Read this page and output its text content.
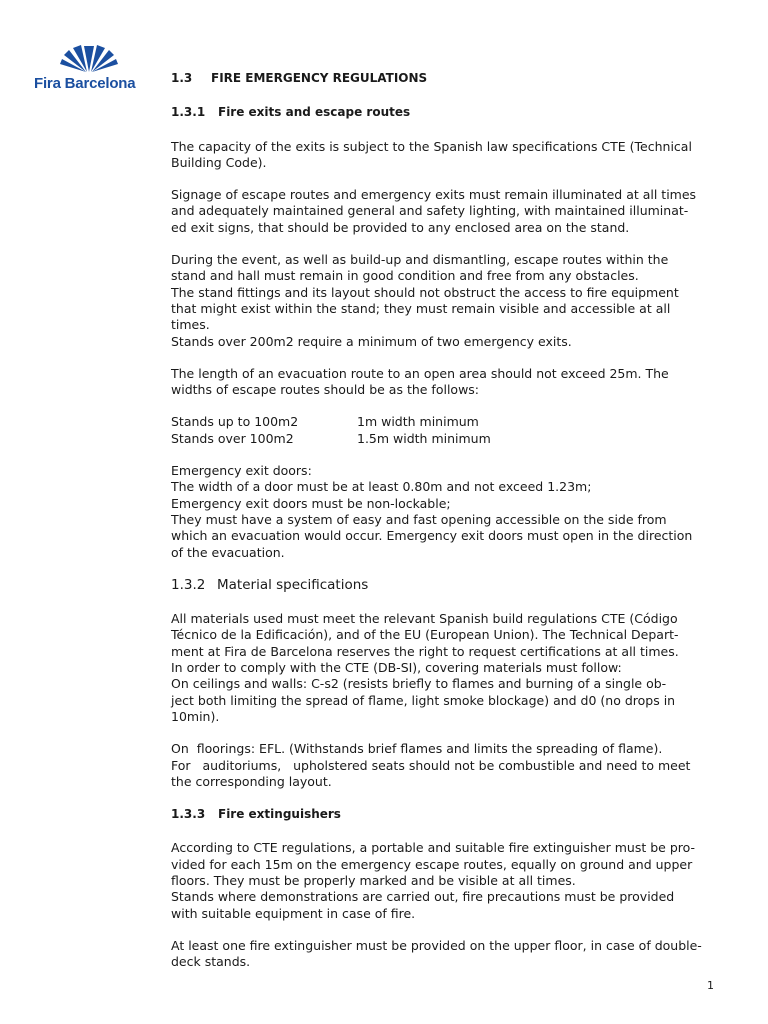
Fira Barcelona	1.3 FIRE EMERGENCY REGULATIONS
1.3.1 Fire exits and escape routes

The capacity of the exits is subject to the Spanish law specifications CTE (Technical
Building Code).

Signage of escape routes and emergency exits must remain illuminated at all times
and adequately maintained general and safety lighting, with maintained illuminat-
ed exit signs, that should be provided to any enclosed area on the stand.

During the event, as well as build-up and dismantling, escape routes within the
stand and hall must remain in good condition and free from any obstacles.
The stand fittings and its layout should not obstruct the access to fire equipment
that might exist within the stand; they must remain visible and accessible at all
times.
Stands over 200m2 require a minimum of two emergency exits.

The length of an evacuation route to an open area should not exceed 25m. The
widths of escape routes should be as the follows:

Stands up to 100m2	1m width minimum
Stands over 100m2	1.5m width minimum

Emergency exit doors:
The width of a door must be at least 0.80m and not exceed 1.23m;
Emergency exit doors must be non-lockable;
They must have a system of easy and fast opening accessible on the side from
which an evacuation would occur. Emergency exit doors must open in the direction
of the evacuation.

1.3.2 Material specifications

All materials used must meet the relevant Spanish build regulations CTE (Código
Técnico de la Edificación), and of the EU (European Union). The Technical Depart-
ment at Fira de Barcelona reserves the right to request certifications at all times.
In order to comply with the CTE (DB-SI), covering materials must follow:
On ceilings and walls: C-s2 (resists briefly to flames and burning of a single ob-
ject both limiting the spread of flame, light smoke blockage) and d0 (no drops in
10min).

On  floorings: EFL. (Withstands brief flames and limits the spreading of flame).
For   auditoriums,   upholstered seats should not be combustible and need to meet
the corresponding layout.

1.3.3 Fire extinguishers

According to CTE regulations, a portable and suitable fire extinguisher must be pro-
vided for each 15m on the emergency escape routes, equally on ground and upper
floors. They must be properly marked and be visible at all times.
Stands where demonstrations are carried out, fire precautions must be provided
with suitable equipment in case of fire.

At least one fire extinguisher must be provided on the upper floor, in case of double-
deck stands.

1
